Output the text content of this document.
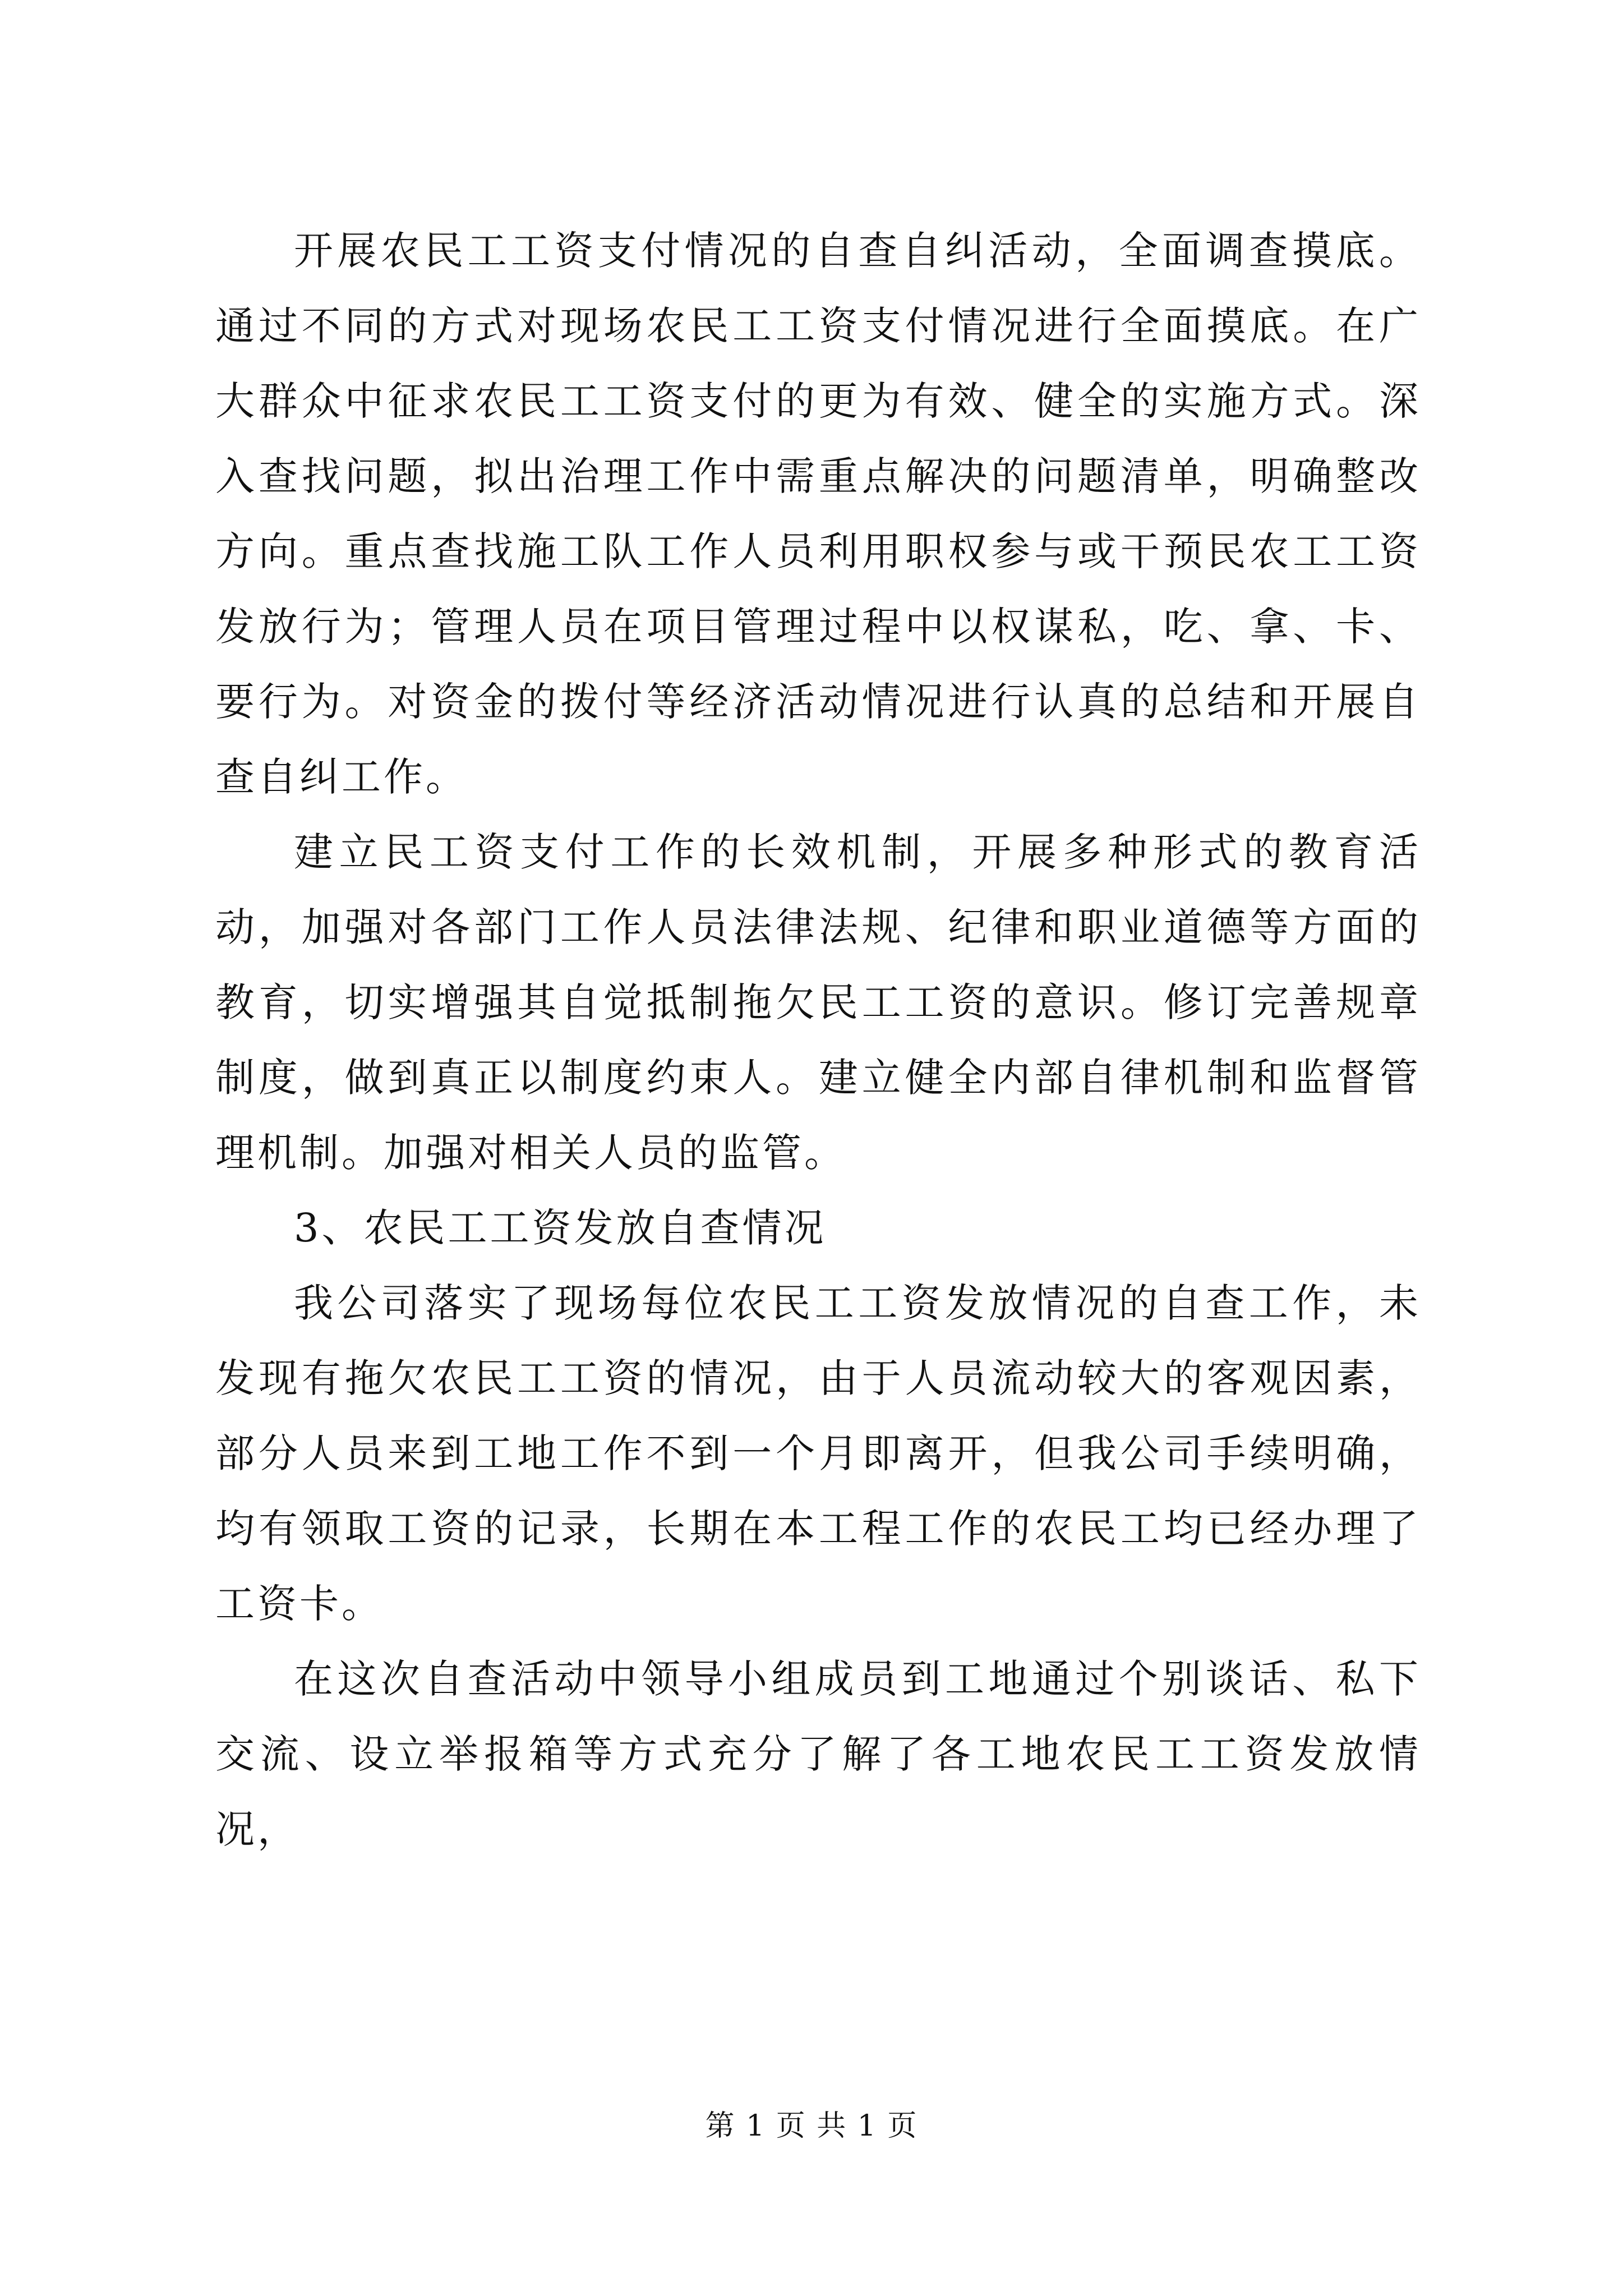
开展农民工工资支付情况的自查自纠活动，全面调查摸底。通过不同的方式对现场农民工工资支付情况进行全面摸底。在广大群众中征求农民工工资支付的更为有效、健全的实施方式。深入查找问题，拟出治理工作中需重点解决的问题清单，明确整改方向。重点查找施工队工作人员利用职权参与或干预民农工工资发放行为；管理人员在项目管理过程中以权谋私，吃、拿、卡、要行为。对资金的拨付等经济活动情况进行认真的总结和开展自查自纠工作。

建立民工资支付工作的长效机制，开展多种形式的教育活动，加强对各部门工作人员法律法规、纪律和职业道德等方面的教育，切实增强其自觉抵制拖欠民工工资的意识。修订完善规章制度，做到真正以制度约束人。建立健全内部自律机制和监督管理机制。加强对相关人员的监管。

3、农民工工资发放自查情况

我公司落实了现场每位农民工工资发放情况的自查工作，未发现有拖欠农民工工资的情况，由于人员流动较大的客观因素，部分人员来到工地工作不到一个月即离开，但我公司手续明确，均有领取工资的记录，长期在本工程工作的农民工均已经办理了工资卡。

在这次自查活动中领导小组成员到工地通过个别谈话、私下交流、设立举报箱等方式充分了解了各工地农民工工资发放情况，

第 1 页 共 1 页
